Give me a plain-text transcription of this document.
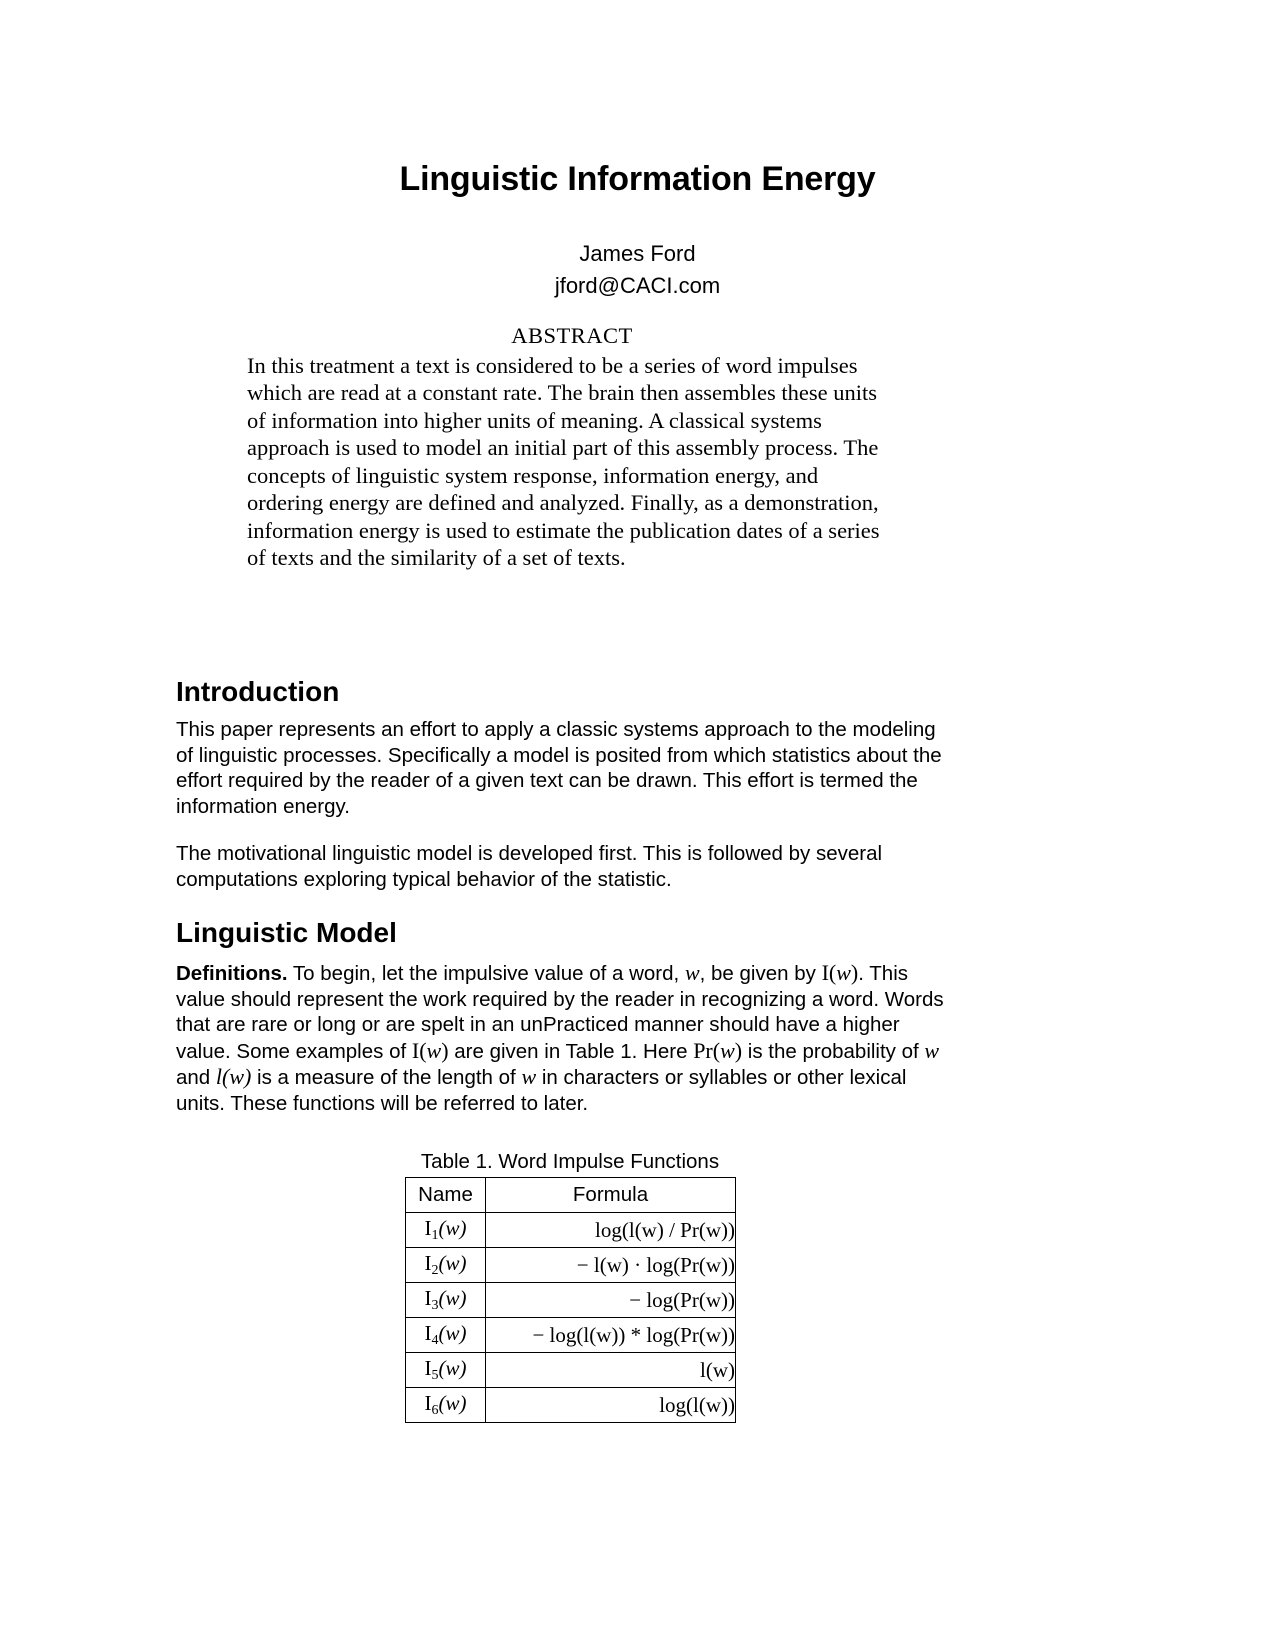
Linguistic Information Energy
James Ford
jford@CACI.com
ABSTRACT
In this treatment a text is considered to be a series of word impulses which are read at a constant rate. The brain then assembles these units of information into higher units of meaning. A classical systems approach is used to model an initial part of this assembly process. The concepts of linguistic system response, information energy, and ordering energy are defined and analyzed. Finally, as a demonstration, information energy is used to estimate the publication dates of a series of texts and the similarity of a set of texts.
Introduction
This paper represents an effort to apply a classic systems approach to the modeling of linguistic processes. Specifically a model is posited from which statistics about the effort required by the reader of a given text can be drawn. This effort is termed the information energy.
The motivational linguistic model is developed first. This is followed by several computations exploring typical behavior of the statistic.
Linguistic Model
Definitions. To begin, let the impulsive value of a word, w, be given by I(w). This value should represent the work required by the reader in recognizing a word. Words that are rare or long or are spelt in an unPracticed manner should have a higher value. Some examples of I(w) are given in Table 1. Here Pr(w) is the probability of w and l(w) is a measure of the length of w in characters or syllables or other lexical units. These functions will be referred to later.
Table 1. Word Impulse Functions
Name	Formula
$I_1(w)$	log(l(w) / Pr(w))
$I_2(w)$	− l(w) · log(Pr(w))
$I_3(w)$	− log(Pr(w))
$I_4(w)$	− log(l(w)) * log(Pr(w))
$I_5(w)$	l(w)
$I_6(w)$	log(l(w))
